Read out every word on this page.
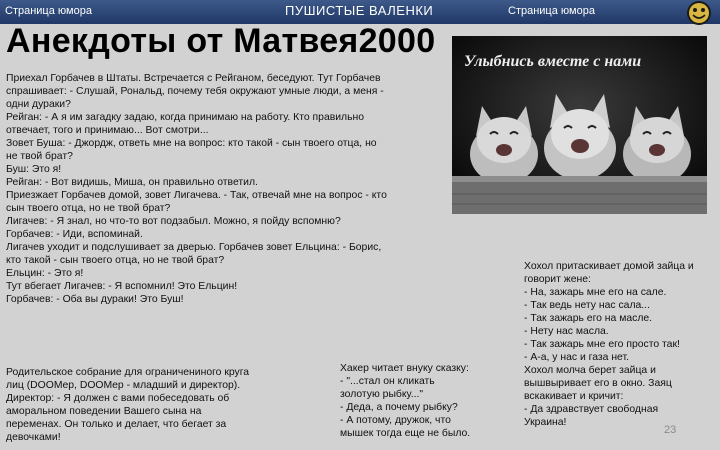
Страница юмора	ПУШИСТЫЕ ВАЛЕНКИ	Страница юмора
Анекдоты от Матвея2000
Улыбнись вместе с нами
Приехал Горбачев в Штаты. Встречается с Рейганом, беседуют. Тут Горбачев
спрашивает: - Слушай, Рональд, почему тебя окружают умные люди, а меня -
одни дураки?
Рейган: - А я им загадку задаю, когда принимаю на работу. Кто правильно
отвечает, того и принимаю... Вот смотри...
Зовет Буша: - Джордж, ответь мне на вопрос: кто такой - сын твоего отца, но
не твой брат?
Буш: Это я!
Рейган: - Вот видишь, Миша, он правильно ответил.
Приезжает Горбачев домой, зовет Лигачева. - Так, отвечай мне на вопрос - кто
сын твоего отца, но не твой брат?
Лигачев: - Я знал, но что-то вот подзабыл. Можно, я пойду вспомню?
Горбачев: - Иди, вспоминай.
Лигачев уходит и подслушивает за дверью. Горбачев зовет Ельцина: - Борис,
кто такой - сын твоего отца, но не твой брат?
Ельцин: - Это я!
Тут вбегает Лигачев: - Я вспомнил! Это Ельцин!
Горбачев: - Оба вы дураки! Это Буш!
Родительское собрание для ограничениного круга
лиц (DOOMер, DOOMер - младший и директор).
Директор: - Я должен с вами побеседовать об
аморальном поведении Вашего сына на
переменах. Он только и делает, что бегает за
девочками!
Хакер читает внуку сказку:
- "...стал он кликать
золотую рыбку..."
- Деда, а почему рыбку?
- А потому, дружок, что
мышек тогда еще не было.
Хохол притаскивает домой зайца и
говорит жене:
- На, зажарь мне его на сале.
- Так ведь нету нас сала...
- Так зажарь его на масле.
- Нету нас масла.
- Так зажарь мне его просто так!
- А-а, у нас и газа нет.
Хохол молча берет зайца и
вышвыривает его в окно. Заяц
вскакивает и кричит:
- Да здравствует свободная
Украина!
23
